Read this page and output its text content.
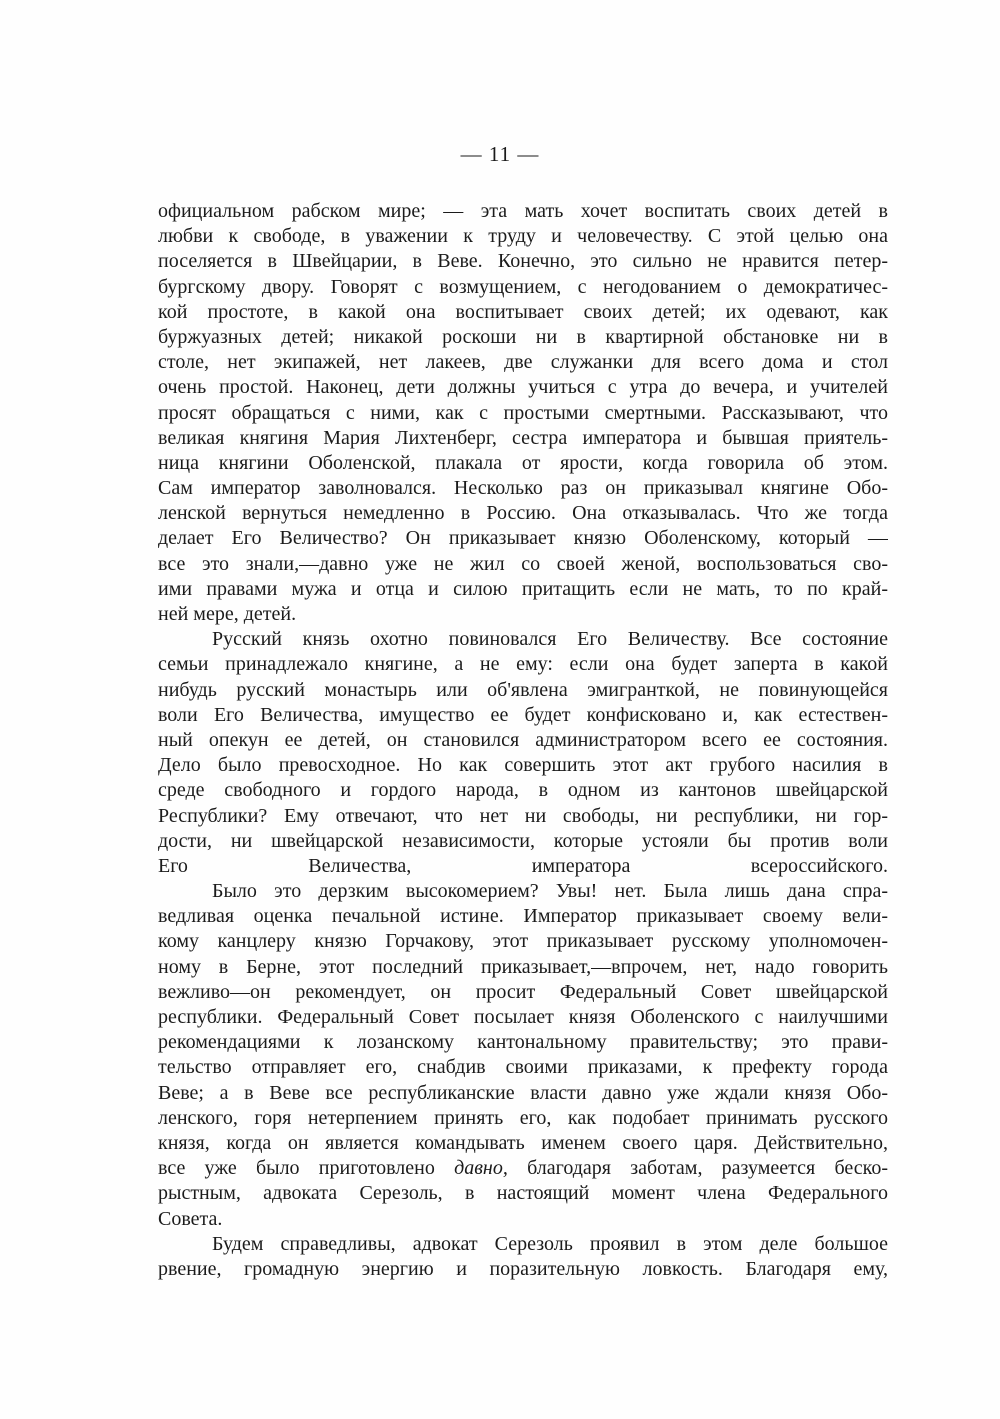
— 11 —
официальном рабском мире; — эта мать хочет воспитать своих детей в
любви к свободе, в уважении к труду и человечеству. С этой целью она
поселяется в Швейцарии, в Веве. Конечно, это сильно не нравится петер-
бургскому двору. Говорят с возмущением, с негодованием о демократичес-
кой простоте, в какой она воспитывает своих детей; их одевают, как
буржуазных детей; никакой роскоши ни в квартирной обстановке ни в
столе, нет экипажей, нет лакеев, две служанки для всего дома и стол
очень простой. Наконец, дети должны учиться с утра до вечера, и учителей
просят обращаться с ними, как с простыми смертными. Рассказывают, что
великая княгиня Мария Лихтенберг, сестра императора и бывшая приятель-
ница княгини Оболенской, плакала от ярости, когда говорила об этом.
Сам император заволновался. Несколько раз он приказывал княгине Обо-
ленской вернуться немедленно в Россию. Она отказывалась. Что же тогда
делает Его Величество? Он приказывает князю Оболенскому, который —
все это знали,—давно уже не жил со своей женой, воспользоваться сво-
ими правами мужа и отца и силою притащить если не мать, то по край-
ней мере, детей.
Русский князь охотно повиновался Его Величеству. Все состояние
семьи принадлежало княгине, а не ему: если она будет заперта в какой
нибудь русский монастырь или об'явлена эмигранткой, не повинующейся
воли Его Величества, имущество ее будет конфисковано и, как естествен-
ный опекун ее детей, он становился администратором всего ее состояния.
Дело было превосходное. Но как совершить этот акт грубого насилия в
среде свободного и гордого народа, в одном из кантонов швейцарской
Республики? Ему отвечают, что нет ни свободы, ни республики, ни гор-
дости, ни швейцарской независимости, которые устояли бы против воли
Его Величества, императора всероссийского.
Было это дерзким высокомерием? Увы! нет. Была лишь дана спра-
ведливая оценка печальной истине. Император приказывает своему вели-
кому канцлеру князю Горчакову, этот приказывает русскому уполномочен-
ному в Берне, этот последний приказывает,—впрочем, нет, надо говорить
вежливо—он рекомендует, он просит Федеральный Совет швейцарской
республики. Федеральный Совет посылает князя Оболенского с наилучшими
рекомендациями к лозанскому кантональному правительству; это прави-
тельство отправляет его, снабдив своими приказами, к префекту города
Веве; а в Веве все республиканские власти давно уже ждали князя Обо-
ленского, горя нетерпением принять его, как подобает принимать русского
князя, когда он является командывать именем своего царя. Действительно,
все уже было приготовлено давно, благодаря заботам, разумеется беско-
рыстным, адвоката Серезоль, в настоящий момент члена Федерального
Совета.
Будем справедливы, адвокат Серезоль проявил в этом деле большое
рвение, громадную энергию и поразительную ловкость. Благодаря ему,
